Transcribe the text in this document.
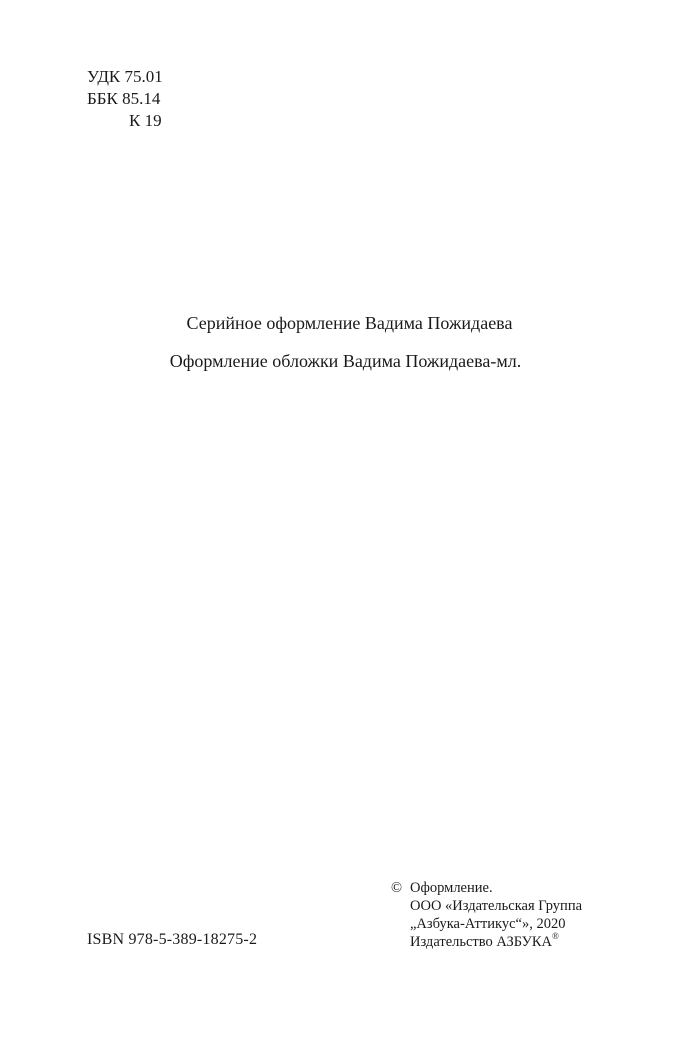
УДК 75.01
ББК 85.14
К 19
Серийное оформление Вадима Пожидаева
Оформление обложки Вадима Пожидаева-мл.
ISBN 978-5-389-18275-2
© Оформление.
ООО «Издательская Группа
„Азбука-Аттикус“», 2020
Издательство АЗБУКА®
